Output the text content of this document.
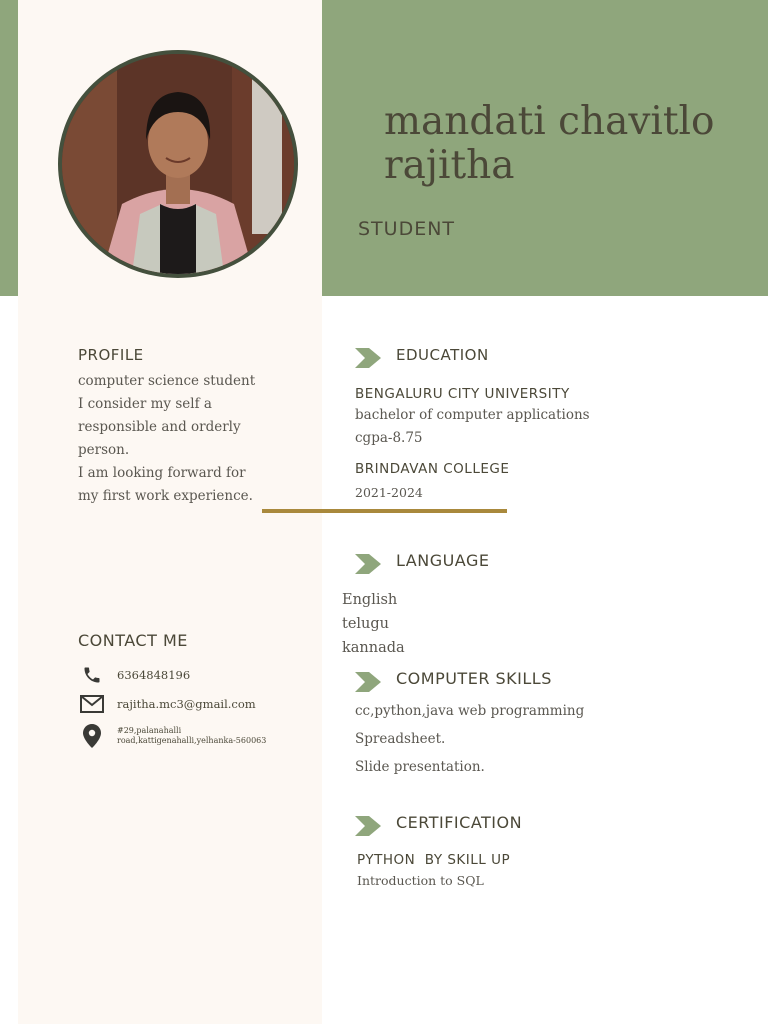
mandati chavitlo
rajitha
STUDENT
PROFILE
computer science student
I consider my self a
responsible and orderly
person.
I am looking forward for
my first work experience.
CONTACT ME
6364848196
rajitha.mc3@gmail.com
#29,palanahalli
road,kattigenahalli,yelhanka-560063
EDUCATION
BENGALURU CITY UNIVERSITY
bachelor of computer applications
cgpa-8.75
BRINDAVAN COLLEGE
2021-2024
LANGUAGE
English
telugu
kannada
COMPUTER SKILLS
cc,python,java web programming
Spreadsheet.
Slide presentation.
CERTIFICATION
PYTHON  BY SKILL UP
Introduction to SQL
